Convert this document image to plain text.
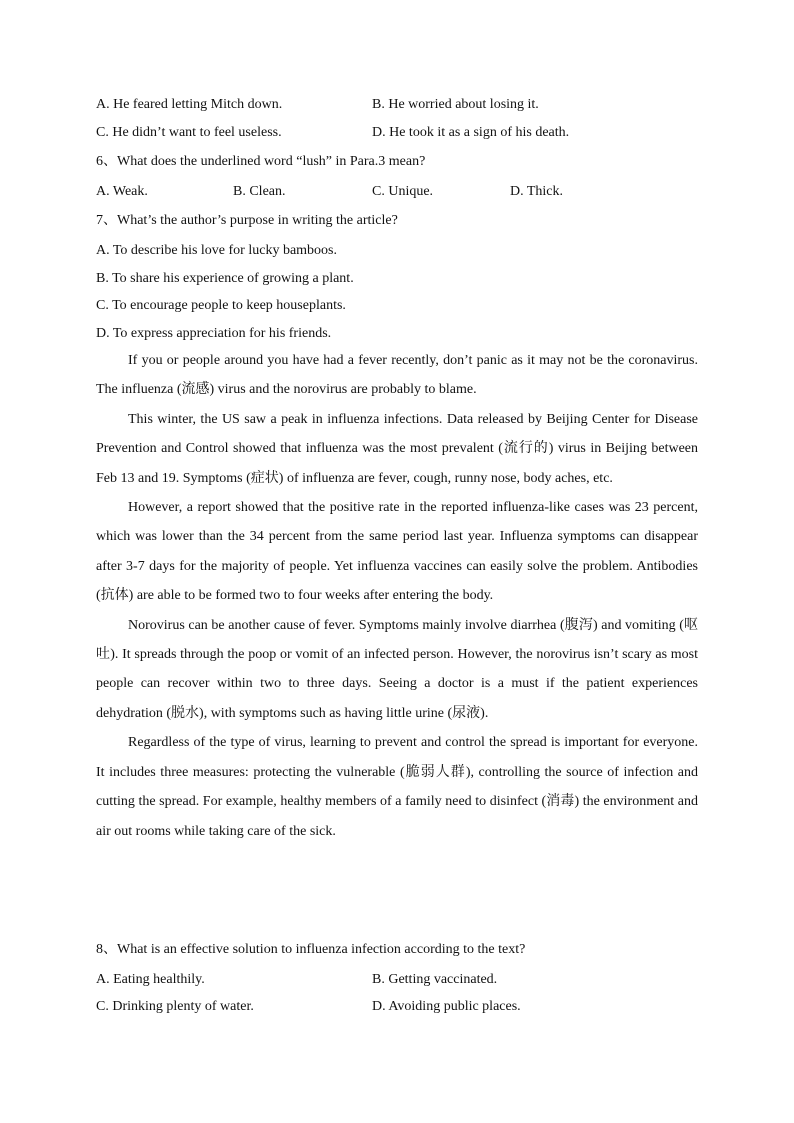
A. He feared letting Mitch down.	B. He worried about losing it.
C. He didn’t want to feel useless.	D. He took it as a sign of his death.
6、What does the underlined word “lush” in Para.3 mean?
A. Weak.	B. Clean.	C. Unique.	D. Thick.
7、What’s the author’s purpose in writing the article?
A. To describe his love for lucky bamboos.
B. To share his experience of growing a plant.
C. To encourage people to keep houseplants.
D. To express appreciation for his friends.

If you or people around you have had a fever recently, don’t panic as it may not be the coronavirus. The influenza (流感) virus and the norovirus are probably to blame.

This winter, the US saw a peak in influenza infections. Data released by Beijing Center for Disease Prevention and Control showed that influenza was the most prevalent (流行的) virus in Beijing between Feb 13 and 19. Symptoms (症状) of influenza are fever, cough, runny nose, body aches, etc.

However, a report showed that the positive rate in the reported influenza-like cases was 23 percent, which was lower than the 34 percent from the same period last year. Influenza symptoms can disappear after 3-7 days for the majority of people. Yet influenza vaccines can easily solve the problem. Antibodies (抗体) are able to be formed two to four weeks after entering the body.

Norovirus can be another cause of fever. Symptoms mainly involve diarrhea (腹泻) and vomiting (呕吐). It spreads through the poop or vomit of an infected person. However, the norovirus isn’t scary as most people can recover within two to three days. Seeing a doctor is a must if the patient experiences dehydration (脱水), with symptoms such as having little urine (尿液).

Regardless of the type of virus, learning to prevent and control the spread is important for everyone. It includes three measures: protecting the vulnerable (脆弱人群), controlling the source of infection and cutting the spread. For example, healthy members of a family need to disinfect (消毒) the environment and air out rooms while taking care of the sick.

8、What is an effective solution to influenza infection according to the text?
A. Eating healthily.	B. Getting vaccinated.
C. Drinking plenty of water.	D. Avoiding public places.
